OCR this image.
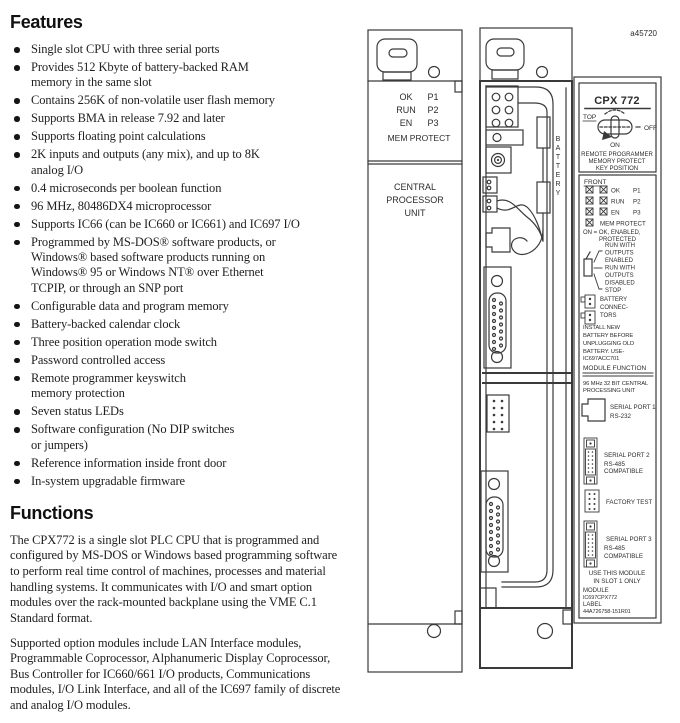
Features
Single slot CPU with three serial ports
Provides 512 Kbyte of battery-backed RAM
memory in the same slot
Contains 256K of non-volatile user flash memory
Supports BMA in release 7.92 and later
Supports floating point calculations
2K inputs and outputs (any mix), and up to 8K
analog I/O
0.4 microseconds per boolean function
96 MHz, 80486DX4 microprocessor
Supports IC66 (can be IC660 or IC661) and IC697 I/O
Programmed by MS-DOS® software products, or
Windows® based software products running on
Windows® 95 or Windows NT® over Ethernet
TCPIP, or through an SNP port
Configurable data and program memory
Battery-backed calendar clock
Three position operation mode switch
Password controlled access
Remote programmer keyswitch
memory protection
Seven status LEDs
Software configuration (No DIP switches
or jumpers)
Reference information inside front door
In-system upgradable firmware
Functions

The CPX772 is a single slot PLC CPU that is programmed and configured by MS-DOS or Windows based programming software to perform real time control of machines, processes and material handling systems. It communicates with I/O and smart option modules over the rack-mounted backplane using the VME C.1 Standard format.

Supported option modules include LAN Interface modules, Programmable Coprocessor, Alphanumeric Display Coprocessor, Bus Controller for IC660/661 I/O products, Communications modules, I/O Link Interface, and all of the IC697 family of discrete and analog I/O modules.

a45720
OK P1
RUN P2
EN P3
MEM PROTECT
CENTRAL
PROCESSOR
UNIT
B
A
T
T
E
R
Y
CPX 772
TOP
OFF
ON
REMOTE PROGRAMMER
MEMORY PROTECT
KEY POSITION
FRONT
OK P1
RUN P2
EN P3
MEM PROTECT
ON = OK, ENABLED,
PROTECTED
RUN WITH
OUTPUTS
ENABLED
RUN WITH
OUTPUTS
DISABLED
STOP
BATTERY
CONNEC-
TORS
INSTALL NEW
BATTERY BEFORE
UNPLUGGING OLD
BATTERY. USE-
IC697ACC701
MODULE FUNCTION
96 MHz 32 BIT CENTRAL
PROCESSING UNIT
SERIAL PORT 1
RS-232
SERIAL PORT 2
RS-485
COMPATIBLE
FACTORY TEST
SERIAL PORT 3
RS-485
COMPATIBLE
USE THIS MODULE
IN SLOT 1 ONLY
MODULE
IC697CPX772
LABEL
44A726758-151R01
